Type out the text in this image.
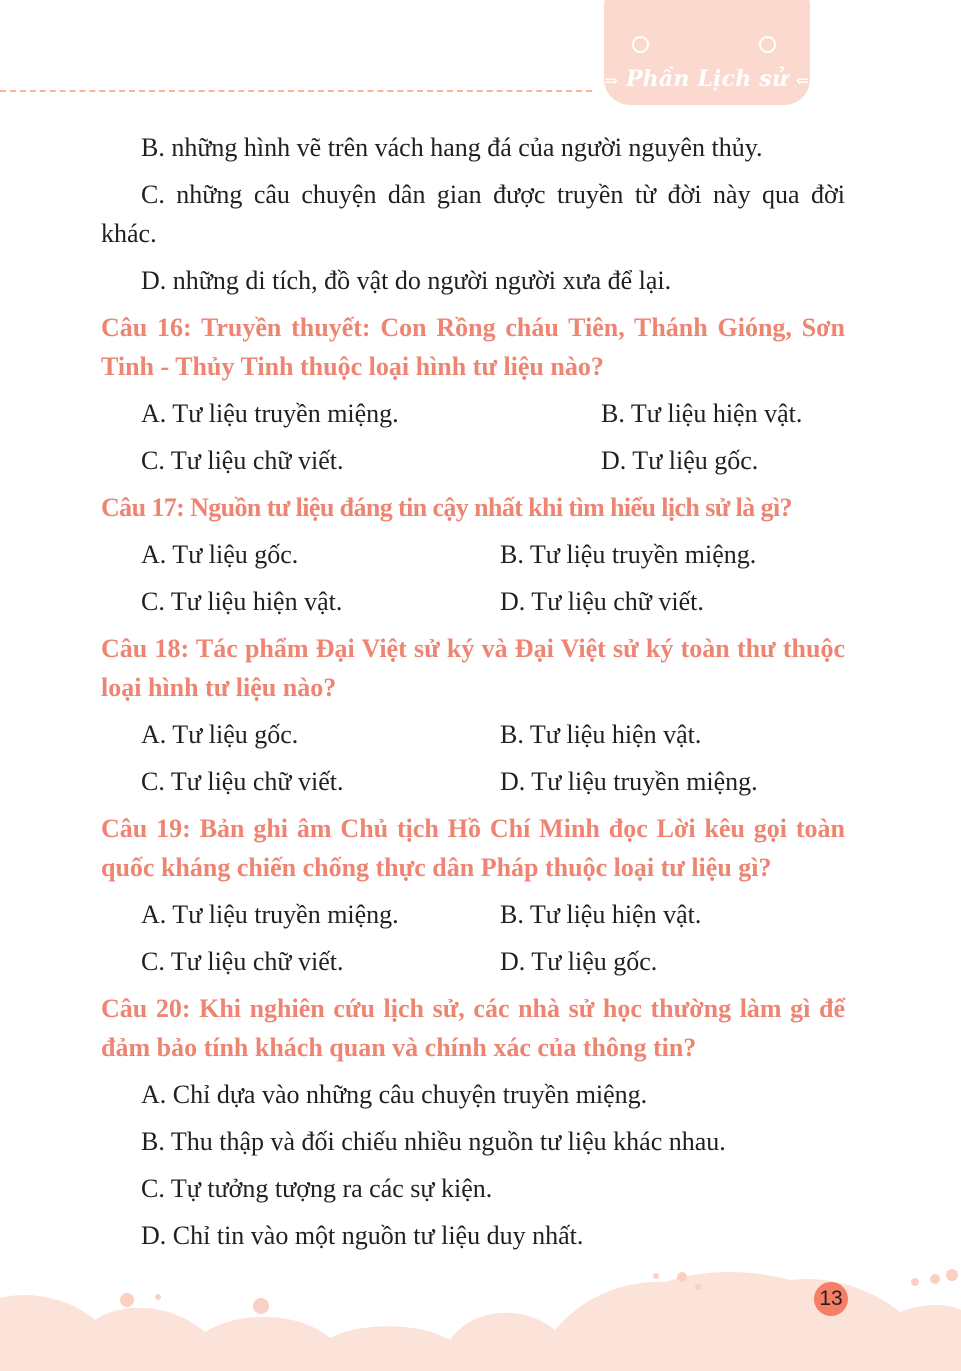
⇒ Phần Lịch sử ⇐
B. những hình vẽ trên vách hang đá của người nguyên thủy.
C. những câu chuyện dân gian được truyền từ đời này qua đời khác.
D. những di tích, đồ vật do người người xưa để lại.
Câu 16: Truyền thuyết: Con Rồng cháu Tiên, Thánh Gióng, Sơn Tinh - Thủy Tinh thuộc loại hình tư liệu nào?
A. Tư liệu truyền miệng.	B. Tư liệu hiện vật.
C. Tư liệu chữ viết.	D. Tư liệu gốc.
Câu 17: Nguồn tư liệu đáng tin cậy nhất khi tìm hiểu lịch sử là gì?
A. Tư liệu gốc.	B. Tư liệu truyền miệng.
C. Tư liệu hiện vật.	D. Tư liệu chữ viết.
Câu 18: Tác phẩm Đại Việt sử ký và Đại Việt sử ký toàn thư thuộc loại hình tư liệu nào?
A. Tư liệu gốc.	B. Tư liệu hiện vật.
C. Tư liệu chữ viết.	D. Tư liệu truyền miệng.
Câu 19: Bản ghi âm Chủ tịch Hồ Chí Minh đọc Lời kêu gọi toàn quốc kháng chiến chống thực dân Pháp thuộc loại tư liệu gì?
A. Tư liệu truyền miệng.	B. Tư liệu hiện vật.
C. Tư liệu chữ viết.	D. Tư liệu gốc.
Câu 20: Khi nghiên cứu lịch sử, các nhà sử học thường làm gì để đảm bảo tính khách quan và chính xác của thông tin?
A. Chỉ dựa vào những câu chuyện truyền miệng.
B. Thu thập và đối chiếu nhiều nguồn tư liệu khác nhau.
C. Tự tưởng tượng ra các sự kiện.
D. Chỉ tin vào một nguồn tư liệu duy nhất.
13
